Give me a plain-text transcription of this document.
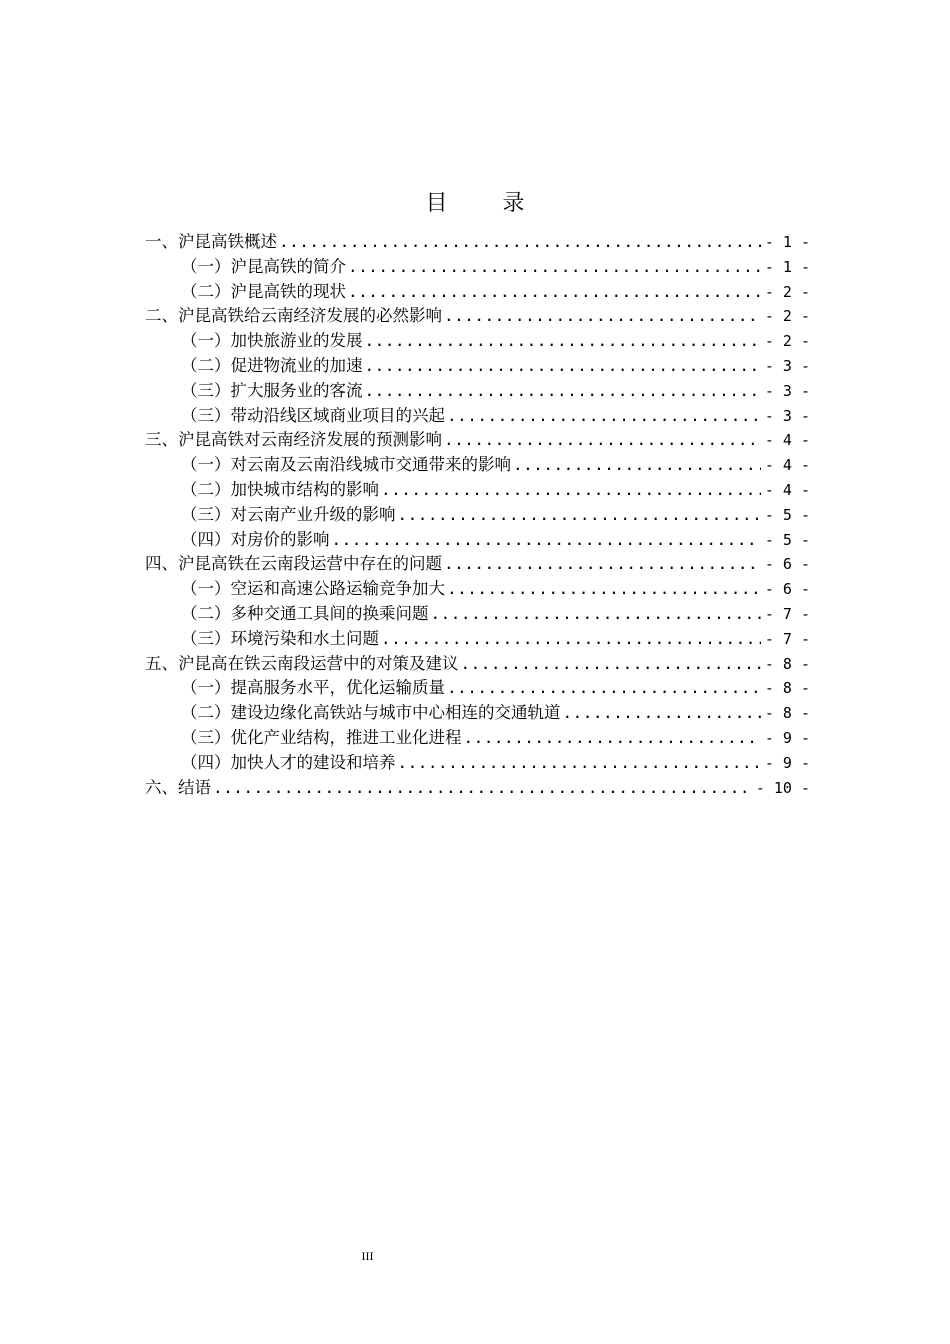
目 录
一、沪昆高铁概述 .....	- 1 -
（一）沪昆高铁的简介 .....	- 1 -
（二）沪昆高铁的现状 .....	- 2 -
二、沪昆高铁给云南经济发展的必然影响 .....	- 2 -
（一）加快旅游业的发展 .....	- 2 -
（二）促进物流业的加速 .....	- 3 -
（三）扩大服务业的客流 .....	- 3 -
（三）带动沿线区域商业项目的兴起 .....	- 3 -
三、沪昆高铁对云南经济发展的预测影响 .....	- 4 -
（一）对云南及云南沿线城市交通带来的影响 .....	- 4 -
（二）加快城市结构的影响 .....	- 4 -
（三）对云南产业升级的影响 .....	- 5 -
（四）对房价的影响 .....	- 5 -
四、沪昆高铁在云南段运营中存在的问题 .....	- 6 -
（一）空运和高速公路运输竞争加大 .....	- 6 -
（二）多种交通工具间的换乘问题 .....	- 7 -
（三）环境污染和水土问题 .....	- 7 -
五、沪昆高在铁云南段运营中的对策及建议 .....	- 8 -
（一）提高服务水平，优化运输质量 .....	- 8 -
（二）建设边缘化高铁站与城市中心相连的交通轨道 .....	- 8 -
（三）优化产业结构，推进工业化进程 .....	- 9 -
（四）加快人才的建设和培养 .....	- 9 -
六、结语 .....	- 10 -
III
